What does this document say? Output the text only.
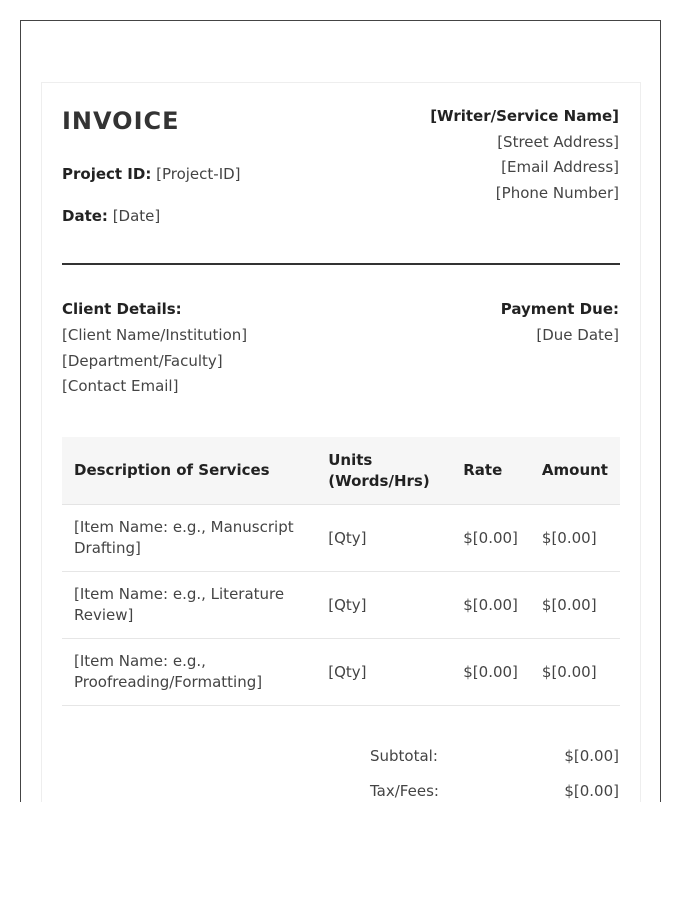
INVOICE
Project ID: [Project-ID]
Date: [Date]
[Writer/Service Name]
[Street Address]
[Email Address]
[Phone Number]
Client Details:
[Client Name/Institution]
[Department/Faculty]
[Contact Email]
Payment Due:
[Due Date]
Description of Services	Units (Words/Hrs)	Rate	Amount
[Item Name: e.g., Manuscript Drafting]	[Qty]	$[0.00]	$[0.00]
[Item Name: e.g., Literature Review]	[Qty]	$[0.00]	$[0.00]
[Item Name: e.g., Proofreading/Formatting]	[Qty]	$[0.00]	$[0.00]
Subtotal:	$[0.00]
Tax/Fees:	$[0.00]
